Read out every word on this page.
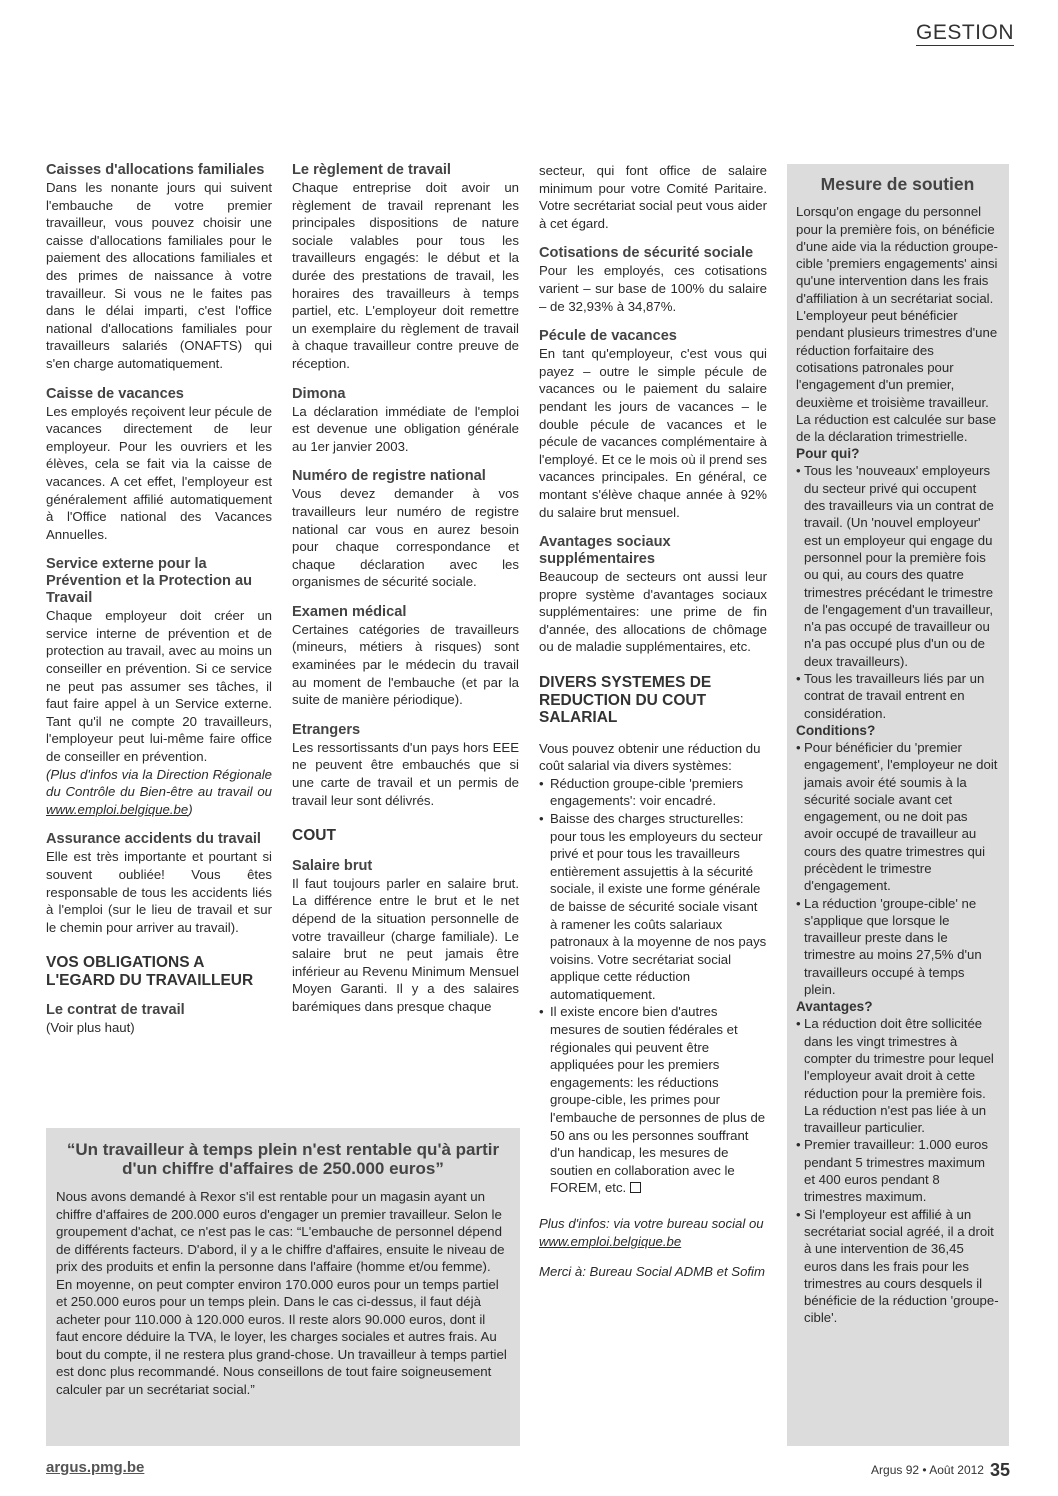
GESTION
Caisses d'allocations familiales

Dans les nonante jours qui suivent l'embauche de votre premier travailleur, vous pouvez choisir une caisse d'allocations familiales pour le paiement des allocations familiales et des primes de naissance à votre travailleur. Si vous ne le faites pas dans le délai imparti, c'est l'office national d'allocations familiales pour travailleurs salariés (ONAFTS) qui s'en charge automatiquement.

Caisse de vacances

Les employés reçoivent leur pécule de vacances directement de leur employeur. Pour les ouvriers et les élèves, cela se fait via la caisse de vacances. A cet effet, l'employeur est généralement affilié automatiquement à l'Office national des Vacances Annuelles.

Service externe pour la Prévention et la Protection au Travail

Chaque employeur doit créer un service interne de prévention et de protection au travail, avec au moins un conseiller en prévention. Si ce service ne peut pas assumer ses tâches, il faut faire appel à un Service externe. Tant qu'il ne compte 20 travailleurs, l'employeur peut lui-même faire office de conseiller en prévention.

(Plus d'infos via la Direction Régionale du Contrôle du Bien-être au travail ou www.emploi.belgique.be)

Assurance accidents du travail

Elle est très importante et pourtant si souvent oubliée! Vous êtes responsable de tous les accidents liés à l'emploi (sur le lieu de travail et sur le chemin pour arriver au travail).

VOS OBLIGATIONS A L'EGARD DU TRAVAILLEUR
Le contrat de travail

(Voir plus haut)

Le règlement de travail

Chaque entreprise doit avoir un règlement de travail reprenant les principales dispositions de nature sociale valables pour tous les travailleurs engagés: le début et la durée des prestations de travail, les horaires des travailleurs à temps partiel, etc. L'employeur doit remettre un exemplaire du règlement de travail à chaque travailleur contre preuve de réception.

Dimona

La déclaration immédiate de l'emploi est devenue une obligation générale au 1er janvier 2003.

Numéro de registre national

Vous devez demander à vos travailleurs leur numéro de registre national car vous en aurez besoin pour chaque correspondance et chaque déclaration avec les organismes de sécurité sociale.

Examen médical

Certaines catégories de travailleurs (mineurs, métiers à risques) sont examinées par le médecin du travail au moment de l'embauche (et par la suite de manière périodique).

Etrangers

Les ressortissants d'un pays hors EEE ne peuvent être embauchés que si une carte de travail et un permis de travail leur sont délivrés.

COUT
Salaire brut

Il faut toujours parler en salaire brut. La différence entre le brut et le net dépend de la situation personnelle de votre travailleur (charge familiale). Le salaire brut ne peut jamais être inférieur au Revenu Minimum Mensuel Moyen Garanti. Il y a des salaires barémiques dans presque chaque

secteur, qui font office de salaire minimum pour votre Comité Paritaire. Votre secrétariat social peut vous aider à cet égard.

Cotisations de sécurité sociale

Pour les employés, ces cotisations varient – sur base de 100% du salaire – de 32,93% à 34,87%.

Pécule de vacances

En tant qu'employeur, c'est vous qui payez – outre le simple pécule de vacances ou le paiement du salaire pendant les jours de vacances – le double pécule de vacances et le pécule de vacances complémentaire à l'employé. Et ce le mois où il prend ses vacances principales. En général, ce montant s'élève chaque année à 92% du salaire brut mensuel.

Avantages sociaux supplémentaires

Beaucoup de secteurs ont aussi leur propre système d'avantages sociaux supplémentaires: une prime de fin d'année, des allocations de chômage ou de maladie supplémentaires, etc.

DIVERS SYSTEMES DE REDUCTION DU COUT SALARIAL

Vous pouvez obtenir une réduction du coût salarial via divers systèmes:

• Réduction groupe-cible 'premiers engagements': voir encadré.
• Baisse des charges structurelles: pour tous les employeurs du secteur privé et pour tous les travailleurs entièrement assujettis à la sécurité sociale, il existe une forme générale de baisse de sécurité sociale visant à ramener les coûts salariaux patronaux à la moyenne de nos pays voisins. Votre secrétariat social applique cette réduction automatiquement.
• Il existe encore bien d'autres mesures de soutien fédérales et régionales qui peuvent être appliquées pour les premiers engagements: les réductions groupe-cible, les primes pour l'embauche de personnes de plus de 50 ans ou les personnes souffrant d'un handicap, les mesures de soutien en collaboration avec le FOREM, etc.

Plus d'infos: via votre bureau social ou www.emploi.belgique.be

Merci à: Bureau Social ADMB et Sofim

Mesure de soutien

Lorsqu'on engage du personnel pour la première fois, on bénéficie d'une aide via la réduction groupe-cible 'premiers engagements' ainsi qu'une intervention dans les frais d'affiliation à un secrétariat social. L'employeur peut bénéficier pendant plusieurs trimestres d'une réduction forfaitaire des cotisations patronales pour l'engagement d'un premier, deuxième et troisième travailleur. La réduction est calculée sur base de la déclaration trimestrielle.

Pour qui?
• Tous les 'nouveaux' employeurs du secteur privé qui occupent des travailleurs via un contrat de travail. (Un 'nouvel employeur' est un employeur qui engage du personnel pour la première fois ou qui, au cours des quatre trimestres précédant le trimestre de l'engagement d'un travailleur, n'a pas occupé de travailleur ou n'a pas occupé plus d'un ou de deux travailleurs).
• Tous les travailleurs liés par un contrat de travail entrent en considération.
Conditions?
• Pour bénéficier du 'premier engagement', l'employeur ne doit jamais avoir été soumis à la sécurité sociale avant cet engagement, ou ne doit pas avoir occupé de travailleur au cours des quatre trimestres qui précèdent le trimestre d'engagement.
• La réduction 'groupe-cible' ne s'applique que lorsque le travailleur preste dans le trimestre au moins 27,5% d'un travailleurs occupé à temps plein.
Avantages?
• La réduction doit être sollicitée dans les vingt trimestres à compter du trimestre pour lequel l'employeur avait droit à cette réduction pour la première fois. La réduction n'est pas liée à un travailleur particulier.
• Premier travailleur: 1.000 euros pendant 5 trimestres maximum et 400 euros pendant 8 trimestres maximum.
• Si l'employeur est affilié à un secrétariat social agréé, il a droit à une intervention de 36,45 euros dans les frais pour les trimestres au cours desquels il bénéficie de la réduction 'groupe-cible'.
“Un travailleur à temps plein n'est rentable qu'à partir d'un chiffre d'affaires de 250.000 euros”

Nous avons demandé à Rexor s'il est rentable pour un magasin ayant un chiffre d'affaires de 200.000 euros d'engager un premier travailleur. Selon le groupement d'achat, ce n'est pas le cas: “L'embauche de personnel dépend de différents facteurs. D'abord, il y a le chiffre d'affaires, ensuite le niveau de prix des produits et enfin la personne dans l'affaire (homme et/ou femme). En moyenne, on peut compter environ 170.000 euros pour un temps partiel et 250.000 euros pour un temps plein. Dans le cas ci-dessus, il faut déjà acheter pour 110.000 à 120.000 euros. Il reste alors 90.000 euros, dont il faut encore déduire la TVA, le loyer, les charges sociales et autres frais. Au bout du compte, il ne restera plus grand-chose. Un travailleur à temps partiel est donc plus recommandé. Nous conseillons de tout faire soigneusement calculer par un secrétariat social.”

argus.pmg.be	Argus 92 • Août 2012 35
